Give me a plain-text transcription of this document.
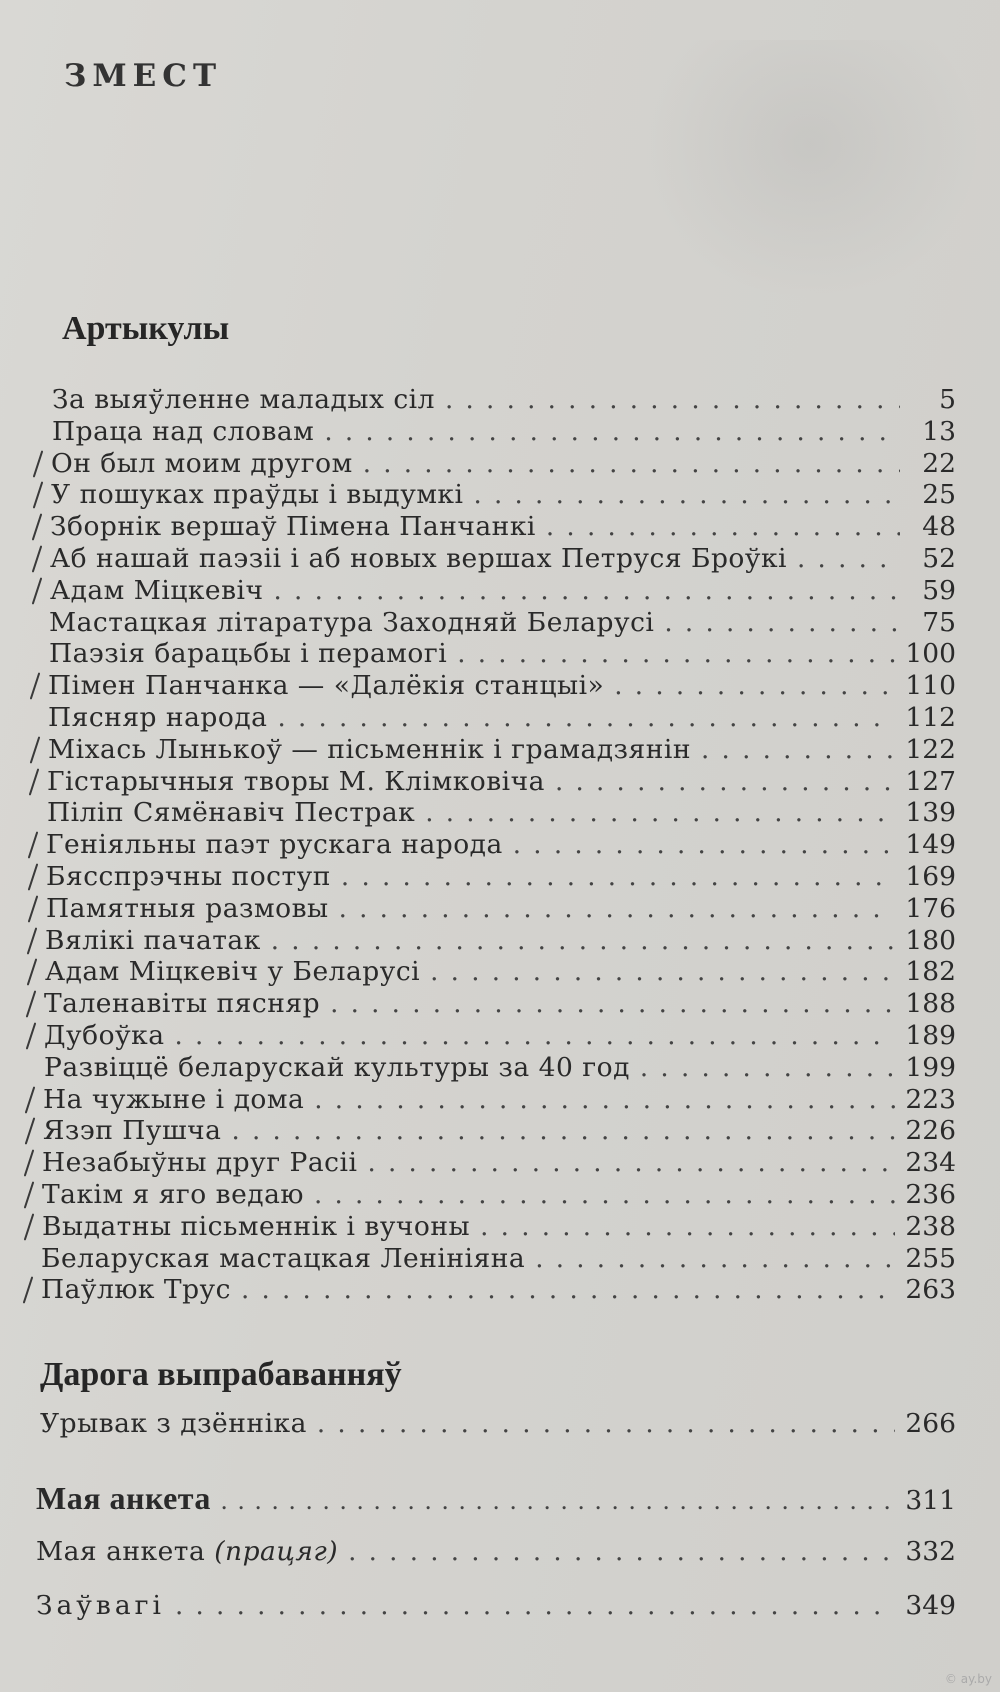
ЗМЕСТ
Артыкулы
За выяўленне маладых сіл . . .	5
Праца над словам . . .	13
Он был моим другом . . .	22
У пошуках праўды і выдумкі . . .	25
Зборнік вершаў Пімена Панчанкі . . .	48
Аб нашай паэзіі і аб новых вершах Петруся Броўкі . . .	52
Адам Міцкевіч . . .	59
Мастацкая літаратура Заходняй Беларусі . . .	75
Паэзія барацьбы і перамогі . . .	100
Пімен Панчанка — «Далёкія станцыі» . . .	110
Пясняр народа . . .	112
Міхась Лынькоў — пісьменнік і грамадзянін . . .	122
Гістарычныя творы М. Клімковіча . . .	127
Піліп Сямёнавіч Пестрак . . .	139
Геніяльны паэт рускага народа . . .	149
Бясспрэчны поступ . . .	169
Памятныя размовы . . .	176
Вялікі пачатак . . .	180
Адам Міцкевіч у Беларусі . . .	182
Таленавіты пясняр . . .	188
Дубоўка . . .	189
Развіццё беларускай культуры за 40 год . . .	199
На чужыне і дома . . .	223
Язэп Пушча . . .	226
Незабыўны друг Расіі . . .	234
Такім я яго ведаю . . .	236
Выдатны пісьменнік і вучоны . . .	238
Беларуская мастацкая Ленініяна . . .	255
Паўлюк Трус . . .	263
Дарога выпрабаванняў
Урывак з дзённіка . . .	266
Мая анкета . . .	311
Мая анкета (працяг) . . .	332
Заўвагі . . .	349
© ay.by
